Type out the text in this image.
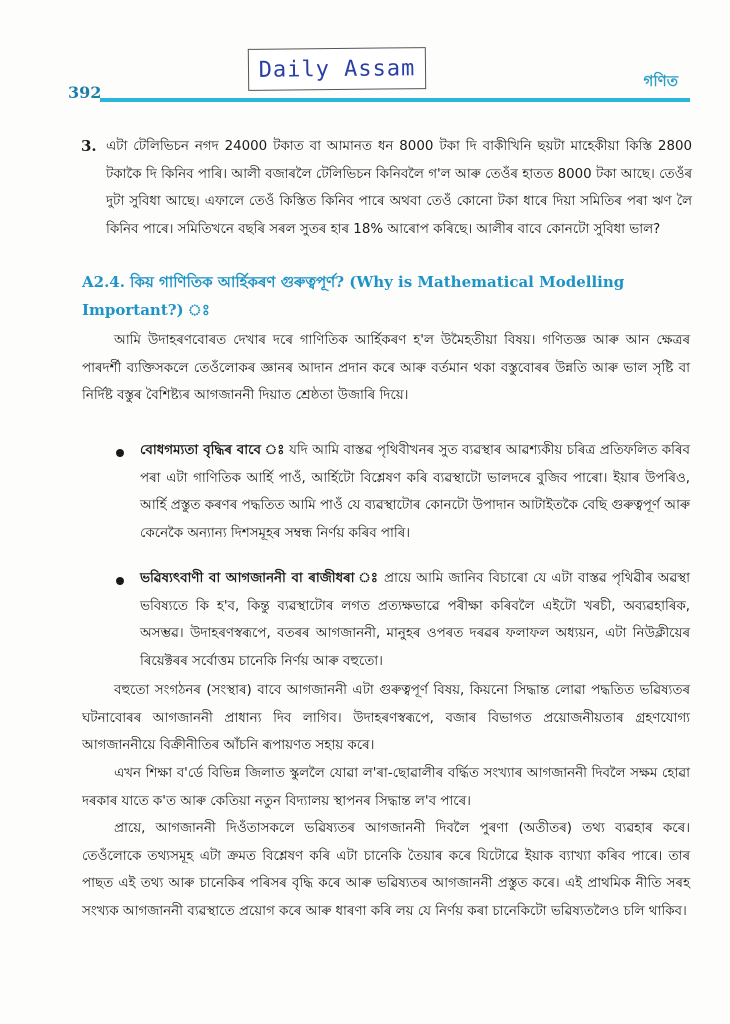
Daily Assam
392
গণিত
3. এটা টেলিভিচন নগদ 24000 টকাত বা আমানত ধন 8000 টকা দি বাকীখিনি ছয়টা মাহেকীয়া কিস্তি 2800 টকাকৈ দি কিনিব পাৰি। আলী বজাৰলৈ টেলিভিচন কিনিবলৈ গ'ল আৰু তেওঁৰ হাতত 8000 টকা আছে। তেওঁৰ দুটা সুবিধা আছে। এফালে তেওঁ কিস্তিত কিনিব পাৰে অথবা তেওঁ কোনো টকা ধাৰে দিয়া সমিতিৰ পৰা ঋণ লৈ কিনিব পাৰে। সমিতিখনে বছৰি সৰল সুতৰ হাৰ 18% আৰোপ কৰিছে। আলীৰ বাবে কোনটো সুবিধা ভাল?
A2.4. কিয় গাণিতিক আৰ্হিকৰণ গুৰুত্বপূৰ্ণ? (Why is Mathematical Modelling Important?) ঃ
আমি উদাহৰণবোৰত দেখাৰ দৰে গাণিতিক আৰ্হিকৰণ হ'ল উমৈহতীয়া বিষয়। গণিতজ্ঞ আৰু আন ক্ষেত্ৰৰ পাৰদৰ্শী ব্যক্তিসকলে তেওঁলোকৰ জ্ঞানৰ আদান প্ৰদান কৰে আৰু বৰ্তমান থকা বস্তুবোৰৰ উন্নতি আৰু ভাল সৃষ্টি বা নিৰ্দিষ্ট বস্তুৰ বৈশিষ্ট্যৰ আগজাননী দিয়াত শ্ৰেষ্ঠতা উজাৰি দিয়ে।
বোধগম্যতা বৃদ্ধিৰ বাবে ঃ যদি আমি বাস্তৱ পৃথিবীখনৰ সুত ব্যৱস্থাৰ আৱশ্যকীয় চৰিত্ৰ প্ৰতিফলিত কৰিব পৰা এটা গাণিতিক আৰ্হি পাওঁ, আৰ্হিটো বিশ্লেষণ কৰি ব্যৱস্থাটো ভালদৰে বুজিব পাৰো। ইয়াৰ উপৰিও, আৰ্হি প্ৰস্তুত কৰণৰ পদ্ধতিত আমি পাওঁ যে ব্যৱস্থাটোৰ কোনটো উপাদান আটাইতকৈ বেছি গুৰুত্বপূৰ্ণ আৰু কেনেকৈ অন্যান্য দিশসমূহৰ সম্বন্ধ নিৰ্ণয় কৰিব পাৰি।
ভৱিষ্যৎবাণী বা আগজাননী বা ৰাজীধৰা ঃ প্ৰায়ে আমি জানিব বিচাৰো যে এটা বাস্তৱ পৃথিৱীৰ অৱস্থা ভবিষ্যতে কি হ'ব, কিন্তু ব্যৱস্থাটোৰ লগত প্ৰত্যক্ষভাৱে পৰীক্ষা কৰিবলৈ এইটো খৰচী, অব্যৱহাৰিক, অসম্ভৱ। উদাহৰণস্বৰূপে, বতৰৰ আগজাননী, মানুহৰ ওপৰত দৰৱৰ ফলাফল অধ্যয়ন, এটা নিউক্লীয়েৰ ৰিয়েক্টৰৰ সৰ্বোত্তম চানেকি নিৰ্ণয় আৰু বহুতো।
বহুতো সংগঠনৰ (সংস্থাৰ) বাবে আগজাননী এটা গুৰুত্বপূৰ্ণ বিষয়, কিয়নো সিদ্ধান্ত লোৱা পদ্ধতিত ভৱিষ্যতৰ ঘটনাবোৰৰ আগজাননী প্ৰাধান্য দিব লাগিব। উদাহৰণস্বৰূপে, বজাৰ বিভাগত প্ৰয়োজনীয়তাৰ গ্ৰহণযোগ্য আগজাননীয়ে বিক্ৰীনীতিৰ আঁচনি ৰূপায়ণত সহায় কৰে।
এখন শিক্ষা ব'ৰ্ডে বিভিন্ন জিলাত স্কুললৈ যোৱা ল'ৰা-ছোৱালীৰ বৰ্দ্ধিত সংখ্যাৰ আগজাননী দিবলৈ সক্ষম হোৱা দৰকাৰ যাতে ক'ত আৰু কেতিয়া নতুন বিদ্যালয় স্থাপনৰ সিদ্ধান্ত ল'ব পাৰে।
প্ৰায়ে, আগজাননী দিওঁতাসকলে ভৱিষ্যতৰ আগজাননী দিবলৈ পুৰণা (অতীতৰ) তথ্য ব্যৱহাৰ কৰে। তেওঁলোকে তথ্যসমূহ এটা ক্ৰমত বিশ্লেষণ কৰি এটা চানেকি তৈয়াৰ কৰে যিটোৱে ইয়াক ব্যাখ্যা কৰিব পাৰে। তাৰ পাছত এই তথ্য আৰু চানেকিৰ পৰিসৰ বৃদ্ধি কৰে আৰু ভৱিষ্যতৰ আগজাননী প্ৰস্তুত কৰে। এই প্ৰাথমিক নীতি সৰহ সংখ্যক আগজাননী ব্যৱস্থাতে প্ৰয়োগ কৰে আৰু ধাৰণা কৰি লয় যে নিৰ্ণয় কৰা চানেকিটো ভৱিষ্যতলৈও চলি থাকিব।
